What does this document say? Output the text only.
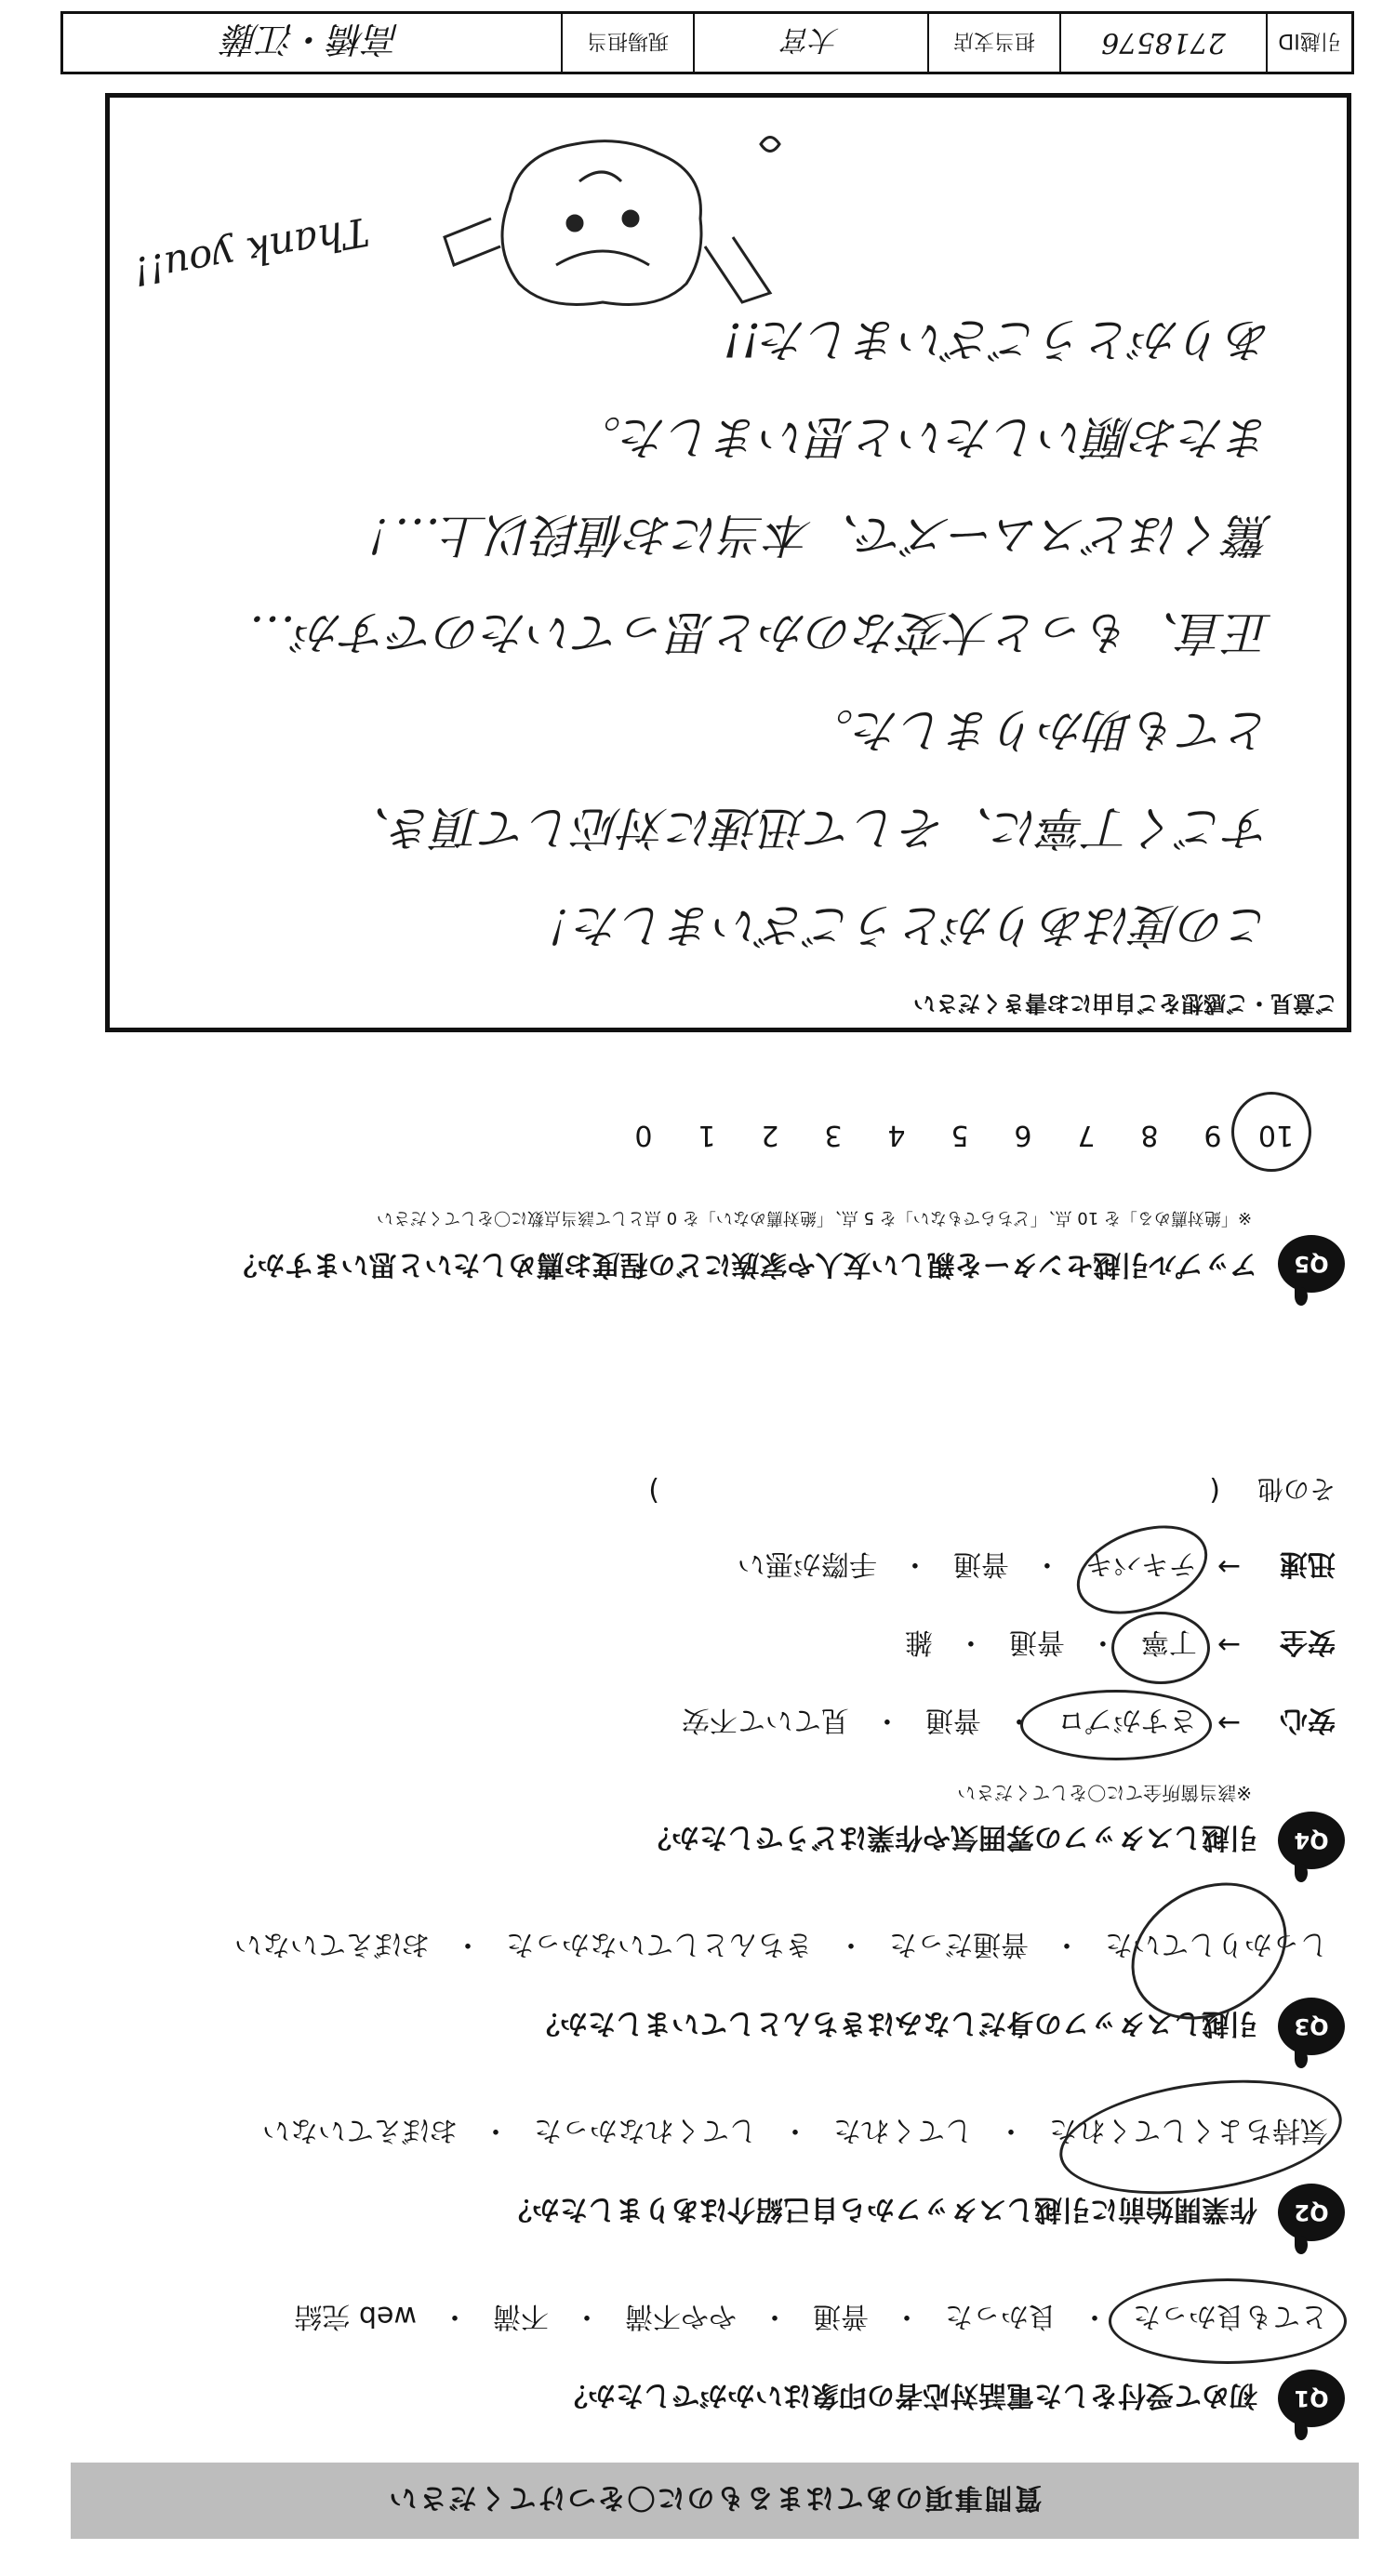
質問事項のあてはまるものに〇をつけてください
Q1
初めて受付をした電話対応者の印象はいかがでしたか？
とても良かった
・
良かった
・
普通
・
やや不満
・
不満
・
web 完結
Q2
作業開始前に引越しスタッフから自己紹介はありましたか？
気持ちよくしてくれた
・
してくれた
・
してくれなかった
・
おぼえていない
Q3
引越しスタッフの身だしなみはきちんとしていましたか？
しっかりしていた
・
普通だった
・
きちんとしていなかった
・
おぼえていない
Q4
引越しスタッフの雰囲気や作業はどうでしたか？
※該当箇所全てに〇をしてください
安心
→
さすがプロ
・
普通
・
見ていて不安
安全
→
丁寧
・
普通
・
雑
迅速
→
テキパキ
・
普通
・
手際が悪い
その他
(                                                              )
Q5
アップル引越センターを親しい友人や家族にどの程度お薦めしたいと思いますか？
※「絶対薦める」を 10 点、「どちらでもない」を 5 点、「絶対薦めない」を 0 点として該当点数に〇をしてください
10
9
8
7
6
5
4
3
2
1
0
ご意見・ご感想をご自由にお書きください
この度はありがとうございました！
すごく丁寧に、そして迅速に対応して頂き、
とても助かりました。
正直、もっと大変なのかと思っていたのですが…
驚くほどスムーズで、本当にお値段以上…！
またお願いしたいと思いました。
ありがとうございました!!
Thank you!!
引越ID
2718576
担当支店
大宮
現場担当
高橋・江藤
